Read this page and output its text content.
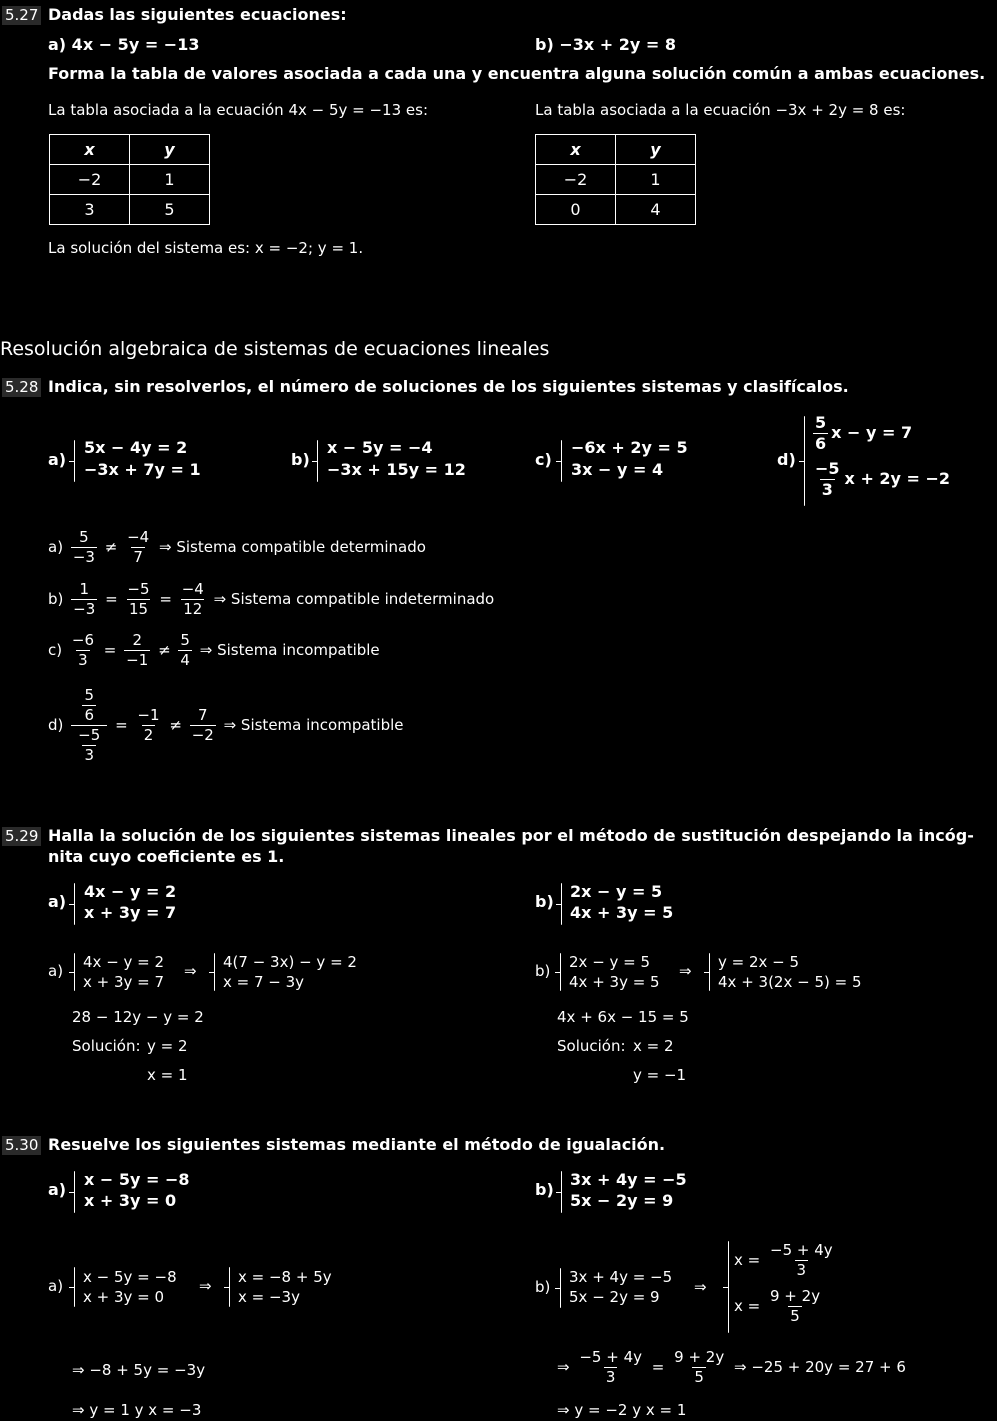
5.27 Dadas las siguientes ecuaciones:
a) 4x − 5y = −13	b) −3x + 2y = 8
Forma la tabla de valores asociada a cada una y encuentra alguna solución común a ambas ecuaciones.
La tabla asociada a la ecuación 4x − 5y = −13 es:	La tabla asociada a la ecuación −3x + 2y = 8 es:
x	y
−2	1
3	5
x	y
−2	1
0	4
La solución del sistema es: x = −2; y = 1.
Resolución algebraica de sistemas de ecuaciones lineales
5.28 Indica, sin resolverlos, el número de soluciones de los siguientes sistemas y clasifícalos.
a)
5x − 4y = 2
−3x + 7y = 1
b)
x − 5y = −4
−3x + 15y = 12
c)
−6x + 2y = 5
3x − y = 4
d)
$\frac{5}{6}$ x − y = 7
$\frac{-5}{3}$ x + 2y = −2
$a) \frac{5}{-3} \ne \frac{-4}{7}$ ⇒ Sistema compatible determinado
$b) \frac{1}{-3} = \frac{-5}{15} = \frac{-4}{12}$ ⇒ Sistema compatible indeterminado
$c) \frac{-6}{3} = \frac{2}{-1} \ne \frac{5}{4}$ ⇒ Sistema incompatible
$d) \frac{\frac{5}{6}}{\frac{-5}{3}} = \frac{-1}{2} \ne \frac{7}{-2}$ ⇒ Sistema incompatible
5.29 Halla la solución de los siguientes sistemas lineales por el método de sustitución despejando la incóg-
nita cuyo coeficiente es 1.
a)
4x − y = 2
x + 3y = 7
b)
2x − y = 5
4x + 3y = 5
a) 4x − y = 2
x + 3y = 7
⇒ 4(7 − 3x) − y = 2
x = 7 − 3y
28 − 12y − y = 2
Solución: y = 2
x = 1
b) 2x − y = 5
4x + 3y = 5
⇒ y = 2x − 5
4x + 3(2x − 5) = 5
4x + 6x − 15 = 5
Solución: x = 2
y = −1
5.30 Resuelve los siguientes sistemas mediante el método de igualación.
a)
x − 5y = −8
x + 3y = 0
b)
3x + 4y = −5
5x − 2y = 9
a) x − 5y = −8
x + 3y = 0
⇒ x = −8 + 5y
x = −3y
⇒ −8 + 5y = −3y
⇒ y = 1 y x = −3
b)
3x + 4y = −5
5x − 2y = 9
⇒
$x = \frac{-5 + 4y}{3}$
$x = \frac{9 + 2y}{5}$
⇒ $\frac{-5 + 4y}{3} = \frac{9 + 2y}{5}$ ⇒ −25 + 20y = 27 + 6
⇒ y = −2 y x = 1
